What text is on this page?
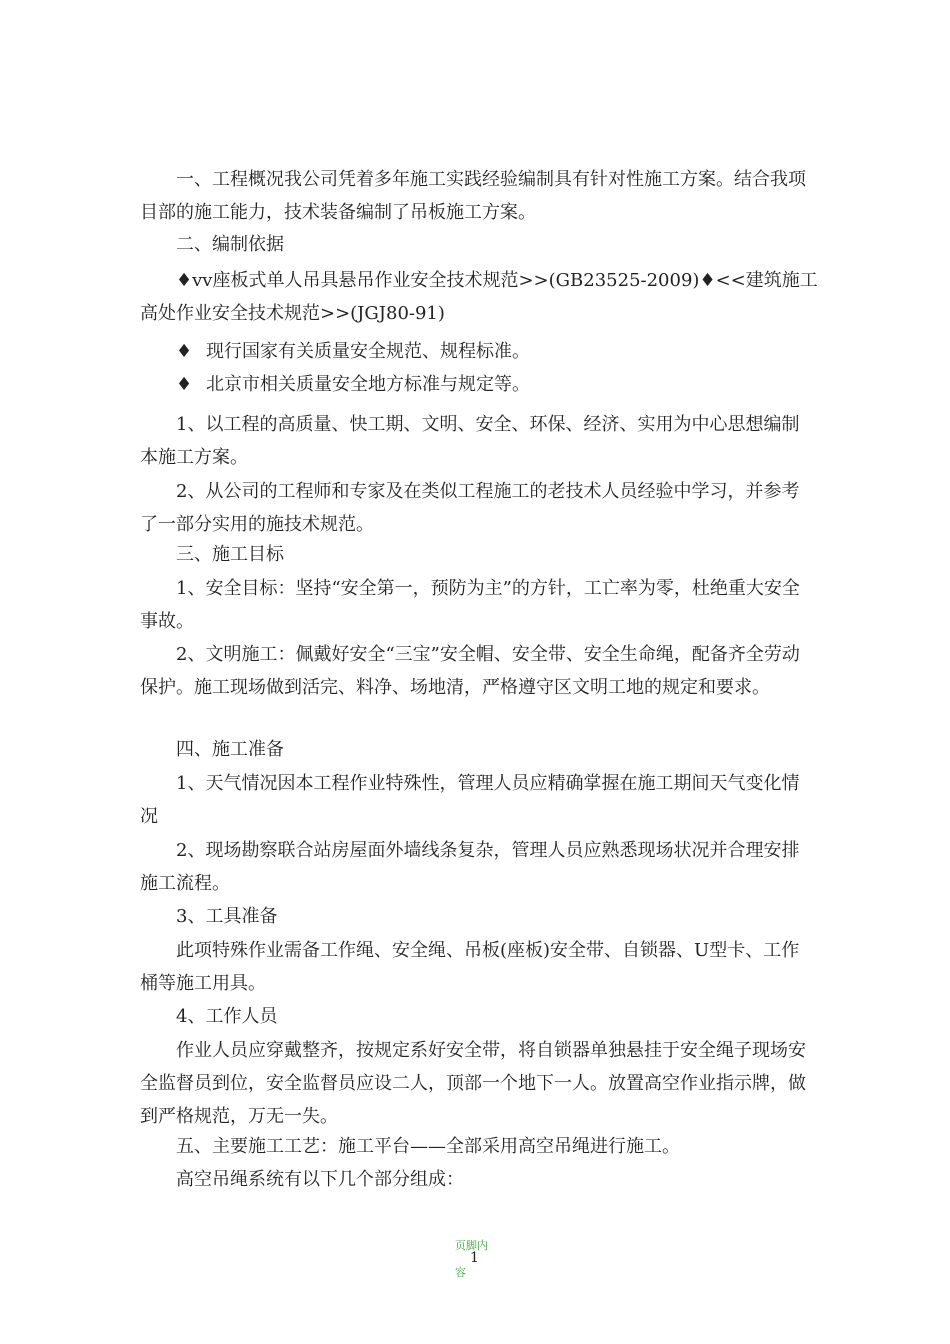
一、工程概况我公司凭着多年施工实践经验编制具有针对性施工方案。结合我项目部的施工能力，技术装备编制了吊板施工方案。

二、编制依据

♦vv座板式单人吊具悬吊作业安全技术规范>>(GB23525-2009)♦<<建筑施工

高处作业安全技术规范>>(JGJ80-91)

♦ 现行国家有关质量安全规范、规程标准。
♦ 北京市相关质量安全地方标准与规定等。

1、以工程的高质量、快工期、文明、安全、环保、经济、实用为中心思想编制本施工方案。

2、从公司的工程师和专家及在类似工程施工的老技术人员经验中学习，并参考了一部分实用的施技术规范。

三、施工目标

1、安全目标：坚持“安全第一，预防为主”的方针，工亡率为零，杜绝重大安全事故。

2、文明施工：佩戴好安全“三宝”安全帽、安全带、安全生命绳，配备齐全劳动保护。施工现场做到活完、料净、场地清，严格遵守区文明工地的规定和要求。

四、施工准备

1、天气情况因本工程作业特殊性，管理人员应精确掌握在施工期间天气变化情况

2、现场勘察联合站房屋面外墙线条复杂，管理人员应熟悉现场状况并合理安排施工流程。

3、工具准备

此项特殊作业需备工作绳、安全绳、吊板(座板)安全带、自锁器、U型卡、工作桶等施工用具。

4、工作人员

作业人员应穿戴整齐，按规定系好安全带，将自锁器单独悬挂于安全绳子现场安全监督员到位，安全监督员应设二人，顶部一个地下一人。放置高空作业指示牌，做到严格规范，万无一失。

五、主要施工工艺：施工平台——全部采用高空吊绳进行施工。

高空吊绳系统有以下几个部分组成：

页脚内
1
容
